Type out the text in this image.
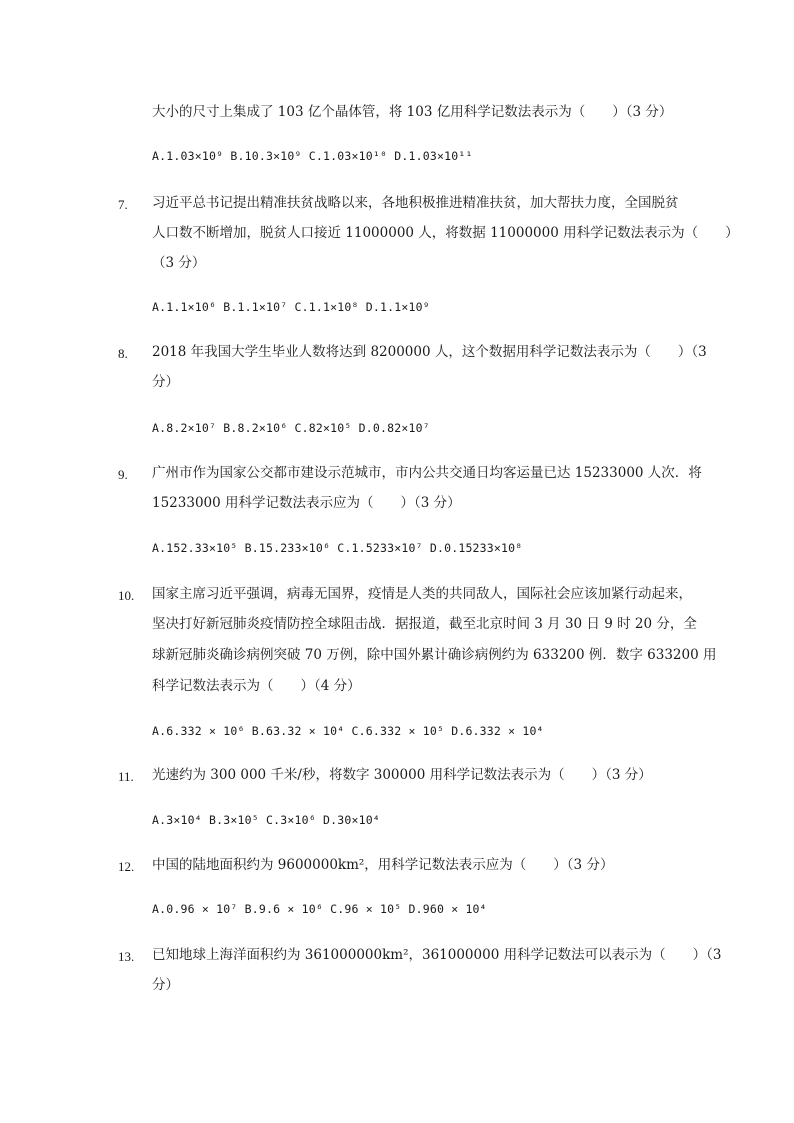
大小的尺寸上集成了 103 亿个晶体管，将 103 亿用科学记数法表示为（　　）（3 分）
A.1.03×10⁹ B.10.3×10⁹ C.1.03×10¹⁰ D.1.03×10¹¹
7. 习近平总书记提出精准扶贫战略以来，各地积极推进精准扶贫，加大帮扶力度，全国脱贫
人口数不断增加，脱贫人口接近 11000000 人，将数据 11000000 用科学记数法表示为（　　）
（3 分）
A.1.1×10⁶ B.1.1×10⁷ C.1.1×10⁸ D.1.1×10⁹
8. 2018 年我国大学生毕业人数将达到 8200000 人，这个数据用科学记数法表示为（　　）（3
分）
A.8.2×10⁷ B.8.2×10⁶ C.82×10⁵ D.0.82×10⁷
9. 广州市作为国家公交都市建设示范城市，市内公共交通日均客运量已达 15233000 人次．将
15233000 用科学记数法表示应为（　　）（3 分）
A.152.33×10⁵ B.15.233×10⁶ C.1.5233×10⁷ D.0.15233×10⁸
10. 国家主席习近平强调，病毒无国界，疫情是人类的共同敌人，国际社会应该加紧行动起来，
坚决打好新冠肺炎疫情防控全球阻击战．据报道，截至北京时间 3 月 30 日 9 时 20 分，全
球新冠肺炎确诊病例突破 70 万例，除中国外累计确诊病例约为 633200 例．数字 633200 用
科学记数法表示为（　　）（4 分）
A.6.332 × 10⁶ B.63.32 × 10⁴ C.6.332 × 10⁵ D.6.332 × 10⁴
11. 光速约为 300 000 千米/秒，将数字 300000 用科学记数法表示为（　　）（3 分）
A.3×10⁴ B.3×10⁵ C.3×10⁶ D.30×10⁴
12. 中国的陆地面积约为 9600000km²，用科学记数法表示应为（　　）（3 分）
A.0.96 × 10⁷ B.9.6 × 10⁶ C.96 × 10⁵ D.960 × 10⁴
13. 已知地球上海洋面积约为 361000000km²，361000000 用科学记数法可以表示为（　　）（3
分）
